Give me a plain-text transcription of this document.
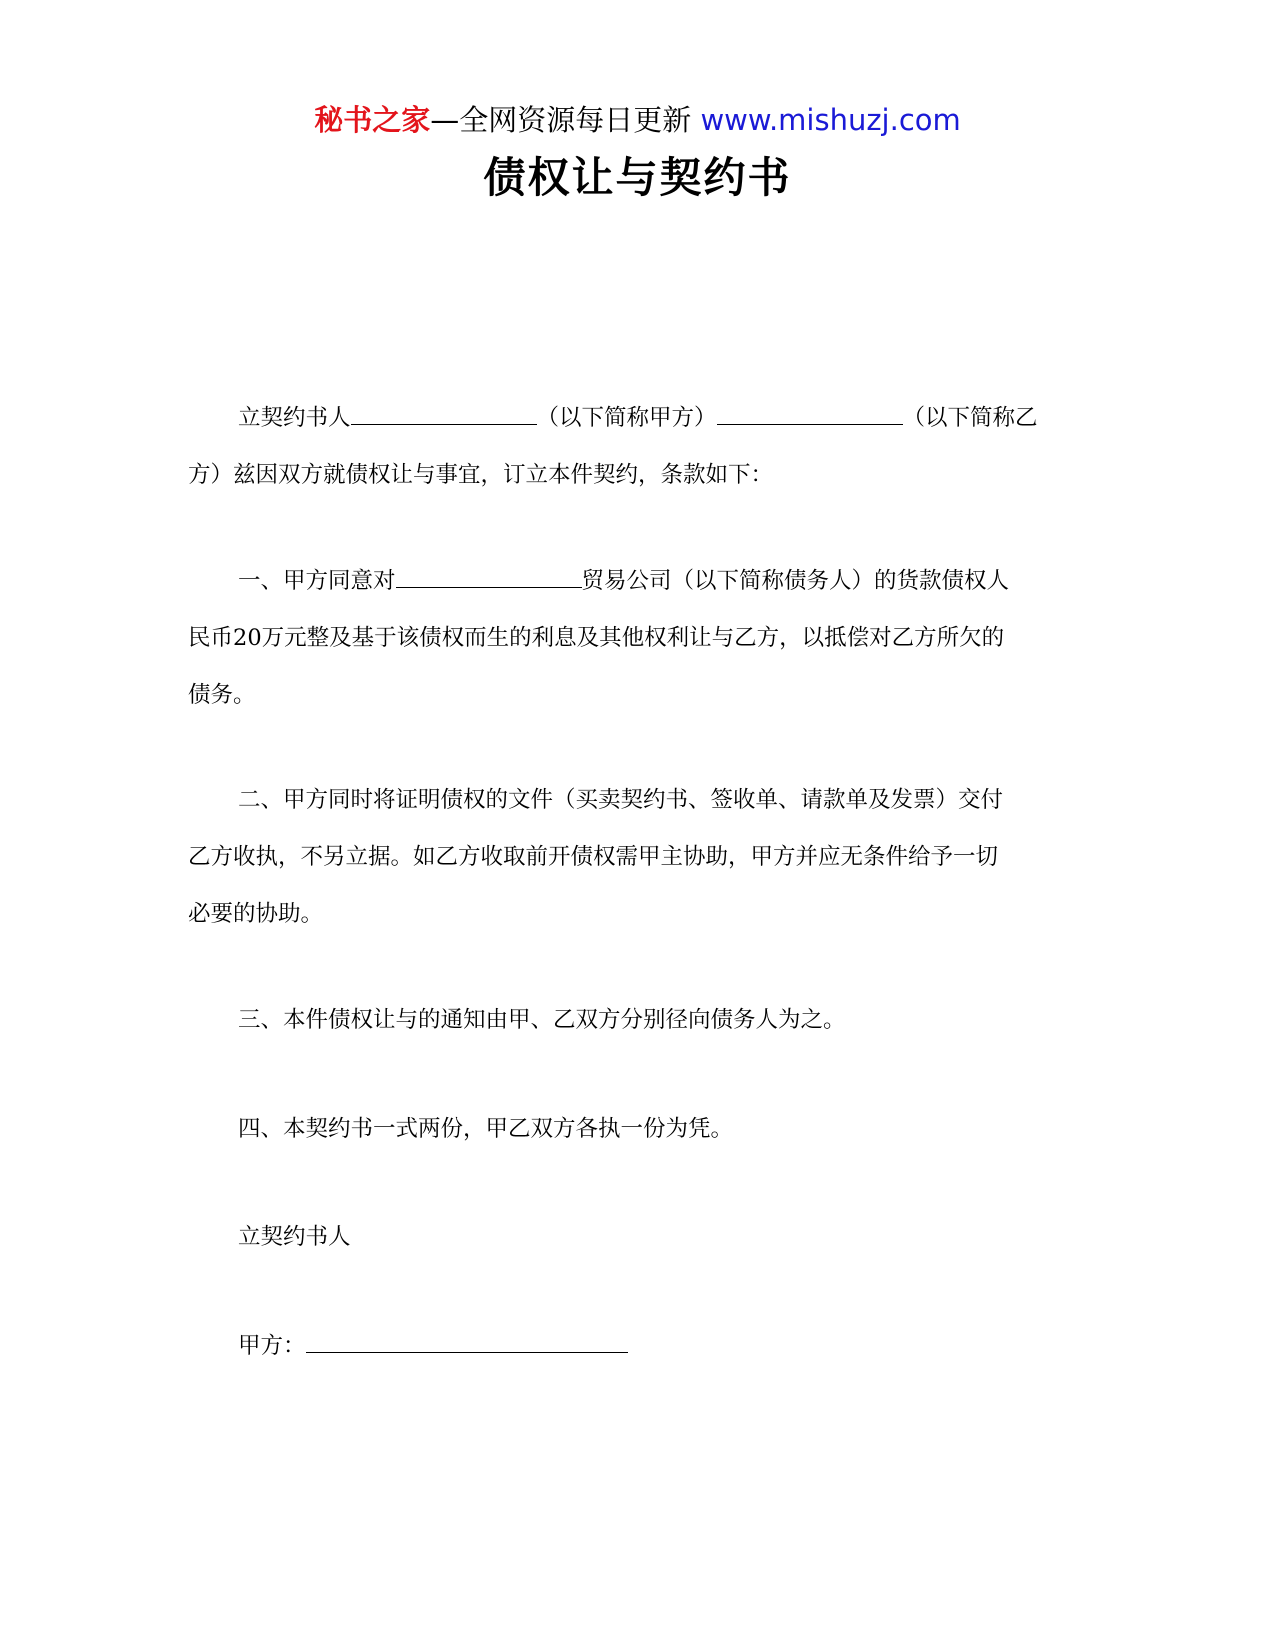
秘书之家—全网资源每日更新 www.mishuzj.com
债权让与契约书
立契约书人	（以下简称甲方）	（以下简称乙
方）兹因双方就债权让与事宜，订立本件契约，条款如下：
一、甲方同意对	贸易公司（以下简称债务人）的货款债权人
民币20万元整及基于该债权而生的利息及其他权利让与乙方，以抵偿对乙方所欠的
债务。
二、甲方同时将证明债权的文件（买卖契约书、签收单、请款单及发票）交付
乙方收执，不另立据。如乙方收取前开债权需甲主协助，甲方并应无条件给予一切
必要的协助。
三、本件债权让与的通知由甲、乙双方分别径向债务人为之。
四、本契约书一式两份，甲乙双方各执一份为凭。
立契约书人
甲方：
